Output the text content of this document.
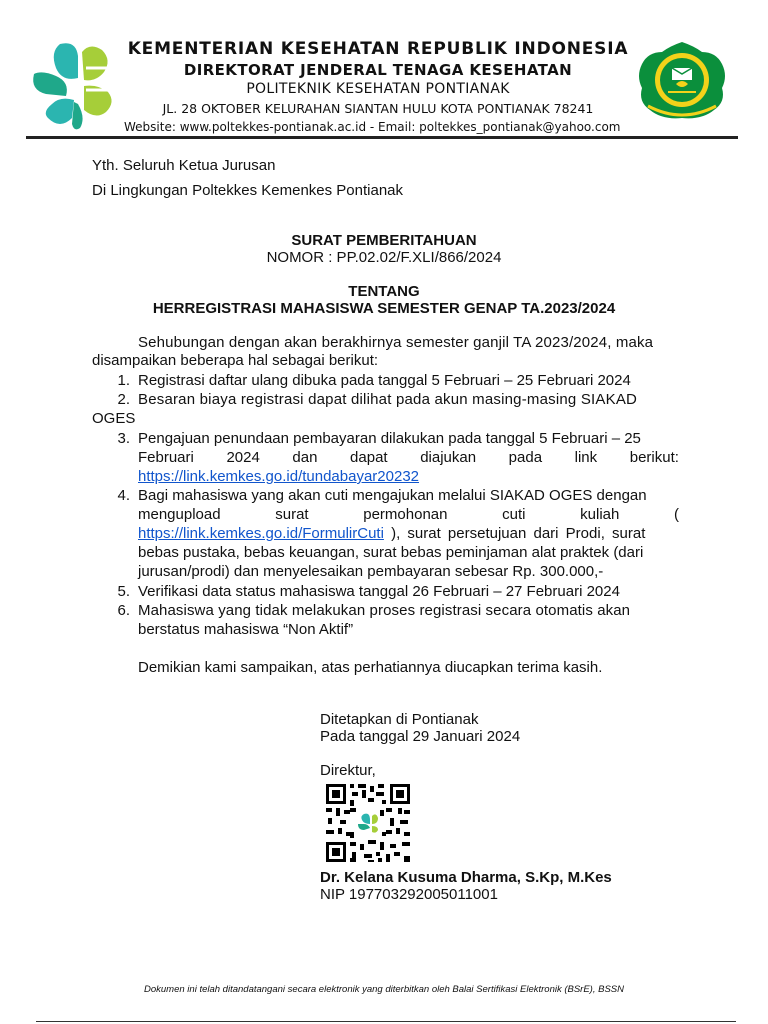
KEMENTERIAN KESEHATAN REPUBLIK INDONESIA
DIREKTORAT JENDERAL TENAGA KESEHATAN
POLITEKNIK KESEHATAN PONTIANAK
JL. 28 OKTOBER KELURAHAN SIANTAN HULU KOTA PONTIANAK 78241
Website: www.poltekkes-pontianak.ac.id - Email: poltekkes_pontianak@yahoo.com
Yth. Seluruh Ketua Jurusan
Di Lingkungan Poltekkes Kemenkes Pontianak
SURAT PEMBERITAHUAN
NOMOR : PP.02.02/F.XLI/866/2024
TENTANG
HERREGISTRASI MAHASISWA SEMESTER GENAP TA.2023/2024
Sehubungan dengan akan berakhirnya semester ganjil TA 2023/2024, maka
disampaikan beberapa hal sebagai berikut:
1. Registrasi daftar ulang dibuka pada tanggal 5 Februari – 25 Februari 2024
2. Besaran biaya registrasi dapat dilihat pada akun masing-masing SIAKAD
OGES
3. Pengajuan penundaan pembayaran dilakukan pada tanggal 5 Februari – 25
Februari 2024 dan dapat diajukan pada link berikut:
https://link.kemkes.go.id/tundabayar20232
4. Bagi mahasiswa yang akan cuti mengajukan melalui SIAKAD OGES dengan
mengupload	surat	permohonan	cuti	kuliah	(
https://link.kemkes.go.id/FormulirCuti ), surat persetujuan dari Prodi, surat
bebas pustaka, bebas keuangan, surat bebas peminjaman alat praktek (dari
jurusan/prodi) dan menyelesaikan pembayaran sebesar Rp. 300.000,-
5. Verifikasi data status mahasiswa tanggal 26 Februari – 27 Februari 2024
6. Mahasiswa yang tidak melakukan proses registrasi secara otomatis akan
berstatus mahasiswa “Non Aktif”
Demikian kami sampaikan, atas perhatiannya diucapkan terima kasih.
Ditetapkan di Pontianak
Pada tanggal 29 Januari 2024
Direktur,
Dr. Kelana Kusuma Dharma, S.Kp, M.Kes
NIP 197703292005011001
Dokumen ini telah ditandatangani secara elektronik yang diterbitkan oleh Balai Sertifikasi Elektronik (BSrE), BSSN
